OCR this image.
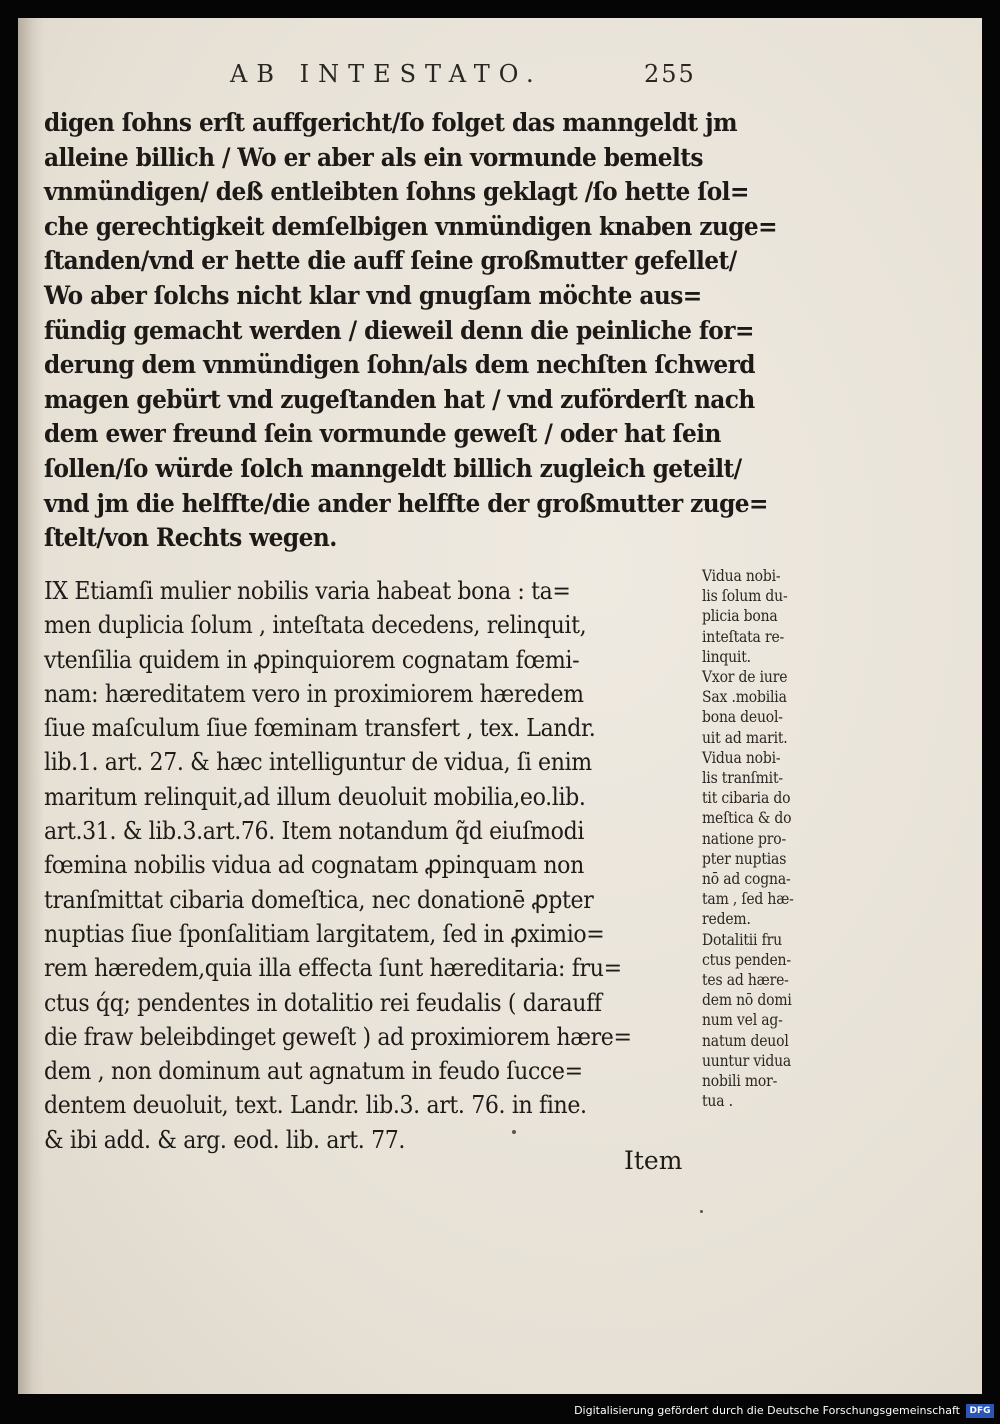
AB INTESTATO.	255
digen ſohns erſt auffgericht/ſo folget das manngeldt jm
alleine billich / Wo er aber als ein vormunde bemelts
vnmündigen/ deß entleibten ſohns geklagt /ſo hette ſol=
che gerechtigkeit demſelbigen vnmündigen knaben zuge=
ſtanden/vnd er hette die auff ſeine großmutter gefellet/
Wo aber ſolchs nicht klar vnd gnugſam möchte aus=
fündig gemacht werden / dieweil denn die peinliche for=
derung dem vnmündigen ſohn/als dem nechſten ſchwerd
magen gebürt vnd zugeſtanden hat / vnd zuförderſt nach
dem ewer freund ſein vormunde geweſt / oder hat ſein
ſollen/ſo würde ſolch manngeldt billich zugleich geteilt/
vnd jm die helffte/die ander helffte der großmutter zuge=
ſtelt/von Rechts wegen.
IX Etiamſi mulier nobilis varia habeat bona : ta=
men duplicia ſolum , inteſtata decedens, relinquit,
vtenſilia quidem in ꝓpinquiorem cognatam fœmi-
nam: hæreditatem vero in proximiorem hæredem
ſiue maſculum ſiue fœminam transfert , tex. Landr.
lib.1. art. 27. & hæc intelliguntur de vidua, ſi enim
maritum relinquit,ad illum deuoluit mobilia,eo.lib.
art.31. & lib.3.art.76. Item notandum q̃d eiuſmodi
fœmina nobilis vidua ad cognatam ꝓpinquam non
tranſmittat cibaria domeſtica, nec donationē ꝓpter
nuptias ſiue ſponſalitiam largitatem, ſed in ꝓximio=
rem hæredem,quia illa effecta ſunt hæreditaria: fru=
ctus q́q; pendentes in dotalitio rei feudalis ( darauff
die fraw beleibdinget geweſt ) ad proximiorem hære=
dem , non dominum aut agnatum in feudo ſucce=
dentem deuoluit, text. Landr. lib.3. art. 76. in fine.
& ibi add. & arg. eod. lib. art. 77.
Item
Vidua nobi-
lis ſolum du-
plicia bona
inteſtata re-
linquit.
Vxor de iure
Sax .mobilia
bona deuol-
uit ad marit.
Vidua nobi-
lis tranſmit-
tit cibaria do
meſtica & do
natione pro-
pter nuptias
nō ad cogna-
tam , ſed hæ-
redem.
Dotalitii fru
ctus penden-
tes ad hære-
dem nō domi
num vel ag-
natum deuol
uuntur vidua
nobili mor-
tua .
Digitalisierung gefördert durch die Deutsche Forschungsgemeinschaft	DFG
